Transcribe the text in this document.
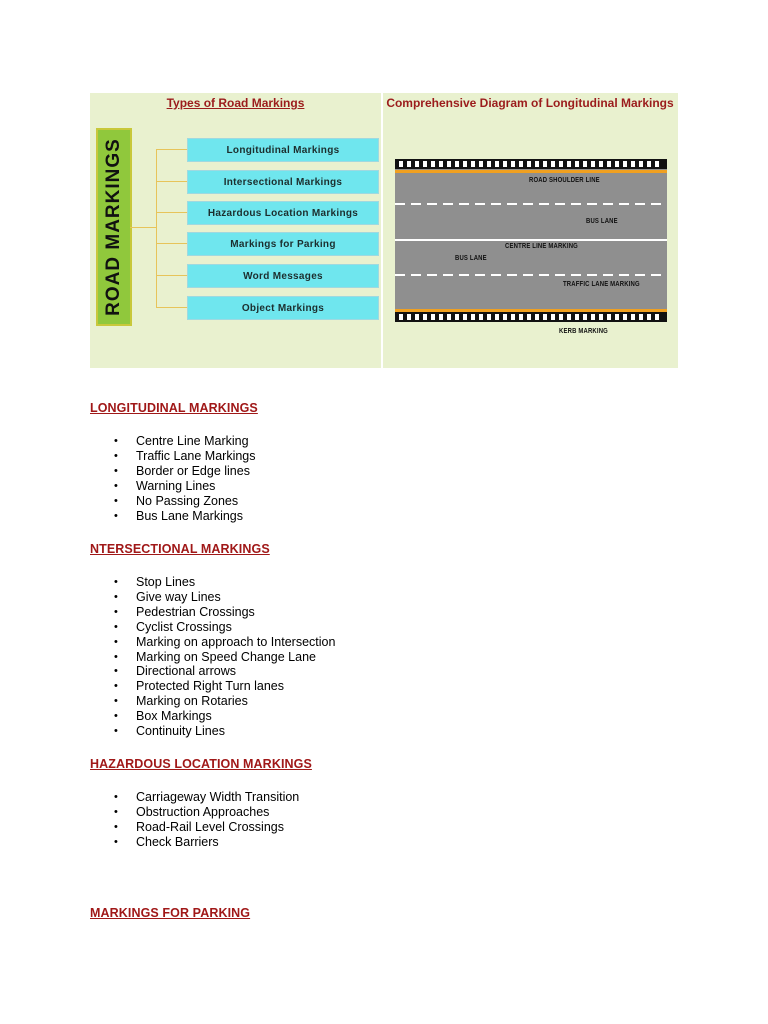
Types of Road Markings	Comprehensive Diagram of Longitudinal Markings
ROAD MARKINGS	Longitudinal Markings
Intersectional Markings
Hazardous Location Markings
Markings for Parking
Word Messages
Object Markings
ROAD SHOULDER LINE
BUS LANE
CENTRE LINE MARKING
BUS LANE
TRAFFIC LANE MARKING
KERB MARKING
LONGITUDINAL MARKINGS
• Centre Line Marking
• Traffic Lane Markings
• Border or Edge lines
• Warning Lines
• No Passing Zones
• Bus Lane Markings
NTERSECTIONAL MARKINGS
• Stop Lines
• Give way Lines
• Pedestrian Crossings
• Cyclist Crossings
• Marking on approach to Intersection
• Marking on Speed Change Lane
• Directional arrows
• Protected Right Turn lanes
• Marking on Rotaries
• Box Markings
• Continuity Lines
HAZARDOUS LOCATION MARKINGS
• Carriageway Width Transition
• Obstruction Approaches
• Road-Rail Level Crossings
• Check Barriers
MARKINGS FOR PARKING
